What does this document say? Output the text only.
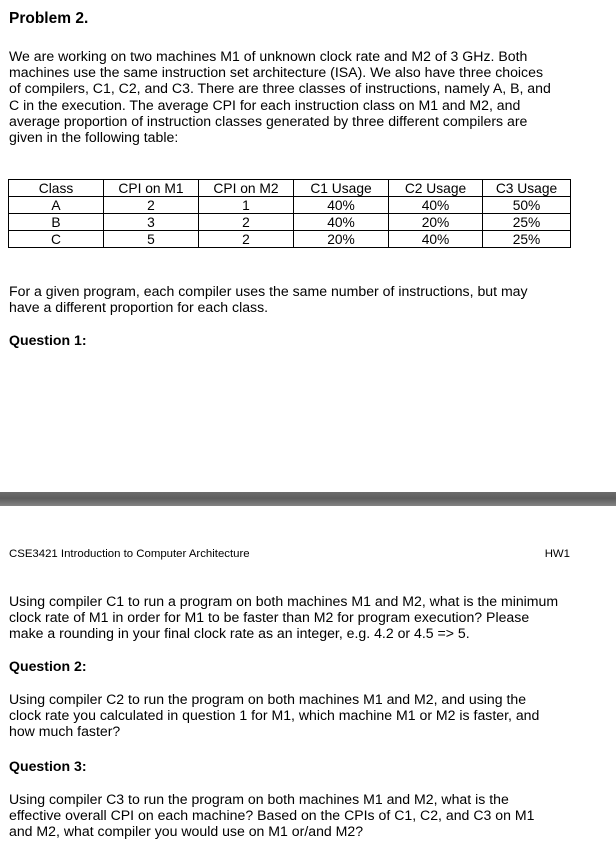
Problem 2.
We are working on two machines M1 of unknown clock rate and M2 of 3 GHz. Both
machines use the same instruction set architecture (ISA). We also have three choices
of compilers, C1, C2, and C3. There are three classes of instructions, namely A, B, and
C in the execution. The average CPI for each instruction class on M1 and M2, and
average proportion of instruction classes generated by three different compilers are
given in the following table:
Class	CPI on M1	CPI on M2	C1 Usage	C2 Usage	C3 Usage
A	2	1	40%	40%	50%
B	3	2	40%	20%	25%
C	5	2	20%	40%	25%
For a given program, each compiler uses the same number of instructions, but may
have a different proportion for each class.
Question 1:
CSE3421 Introduction to Computer Architecture	HW1
Using compiler C1 to run a program on both machines M1 and M2, what is the minimum
clock rate of M1 in order for M1 to be faster than M2 for program execution? Please
make a rounding in your final clock rate as an integer, e.g. 4.2 or 4.5 => 5.
Question 2:
Using compiler C2 to run the program on both machines M1 and M2, and using the
clock rate you calculated in question 1 for M1, which machine M1 or M2 is faster, and
how much faster?
Question 3:
Using compiler C3 to run the program on both machines M1 and M2, what is the
effective overall CPI on each machine? Based on the CPIs of C1, C2, and C3 on M1
and M2, what compiler you would use on M1 or/and M2?
